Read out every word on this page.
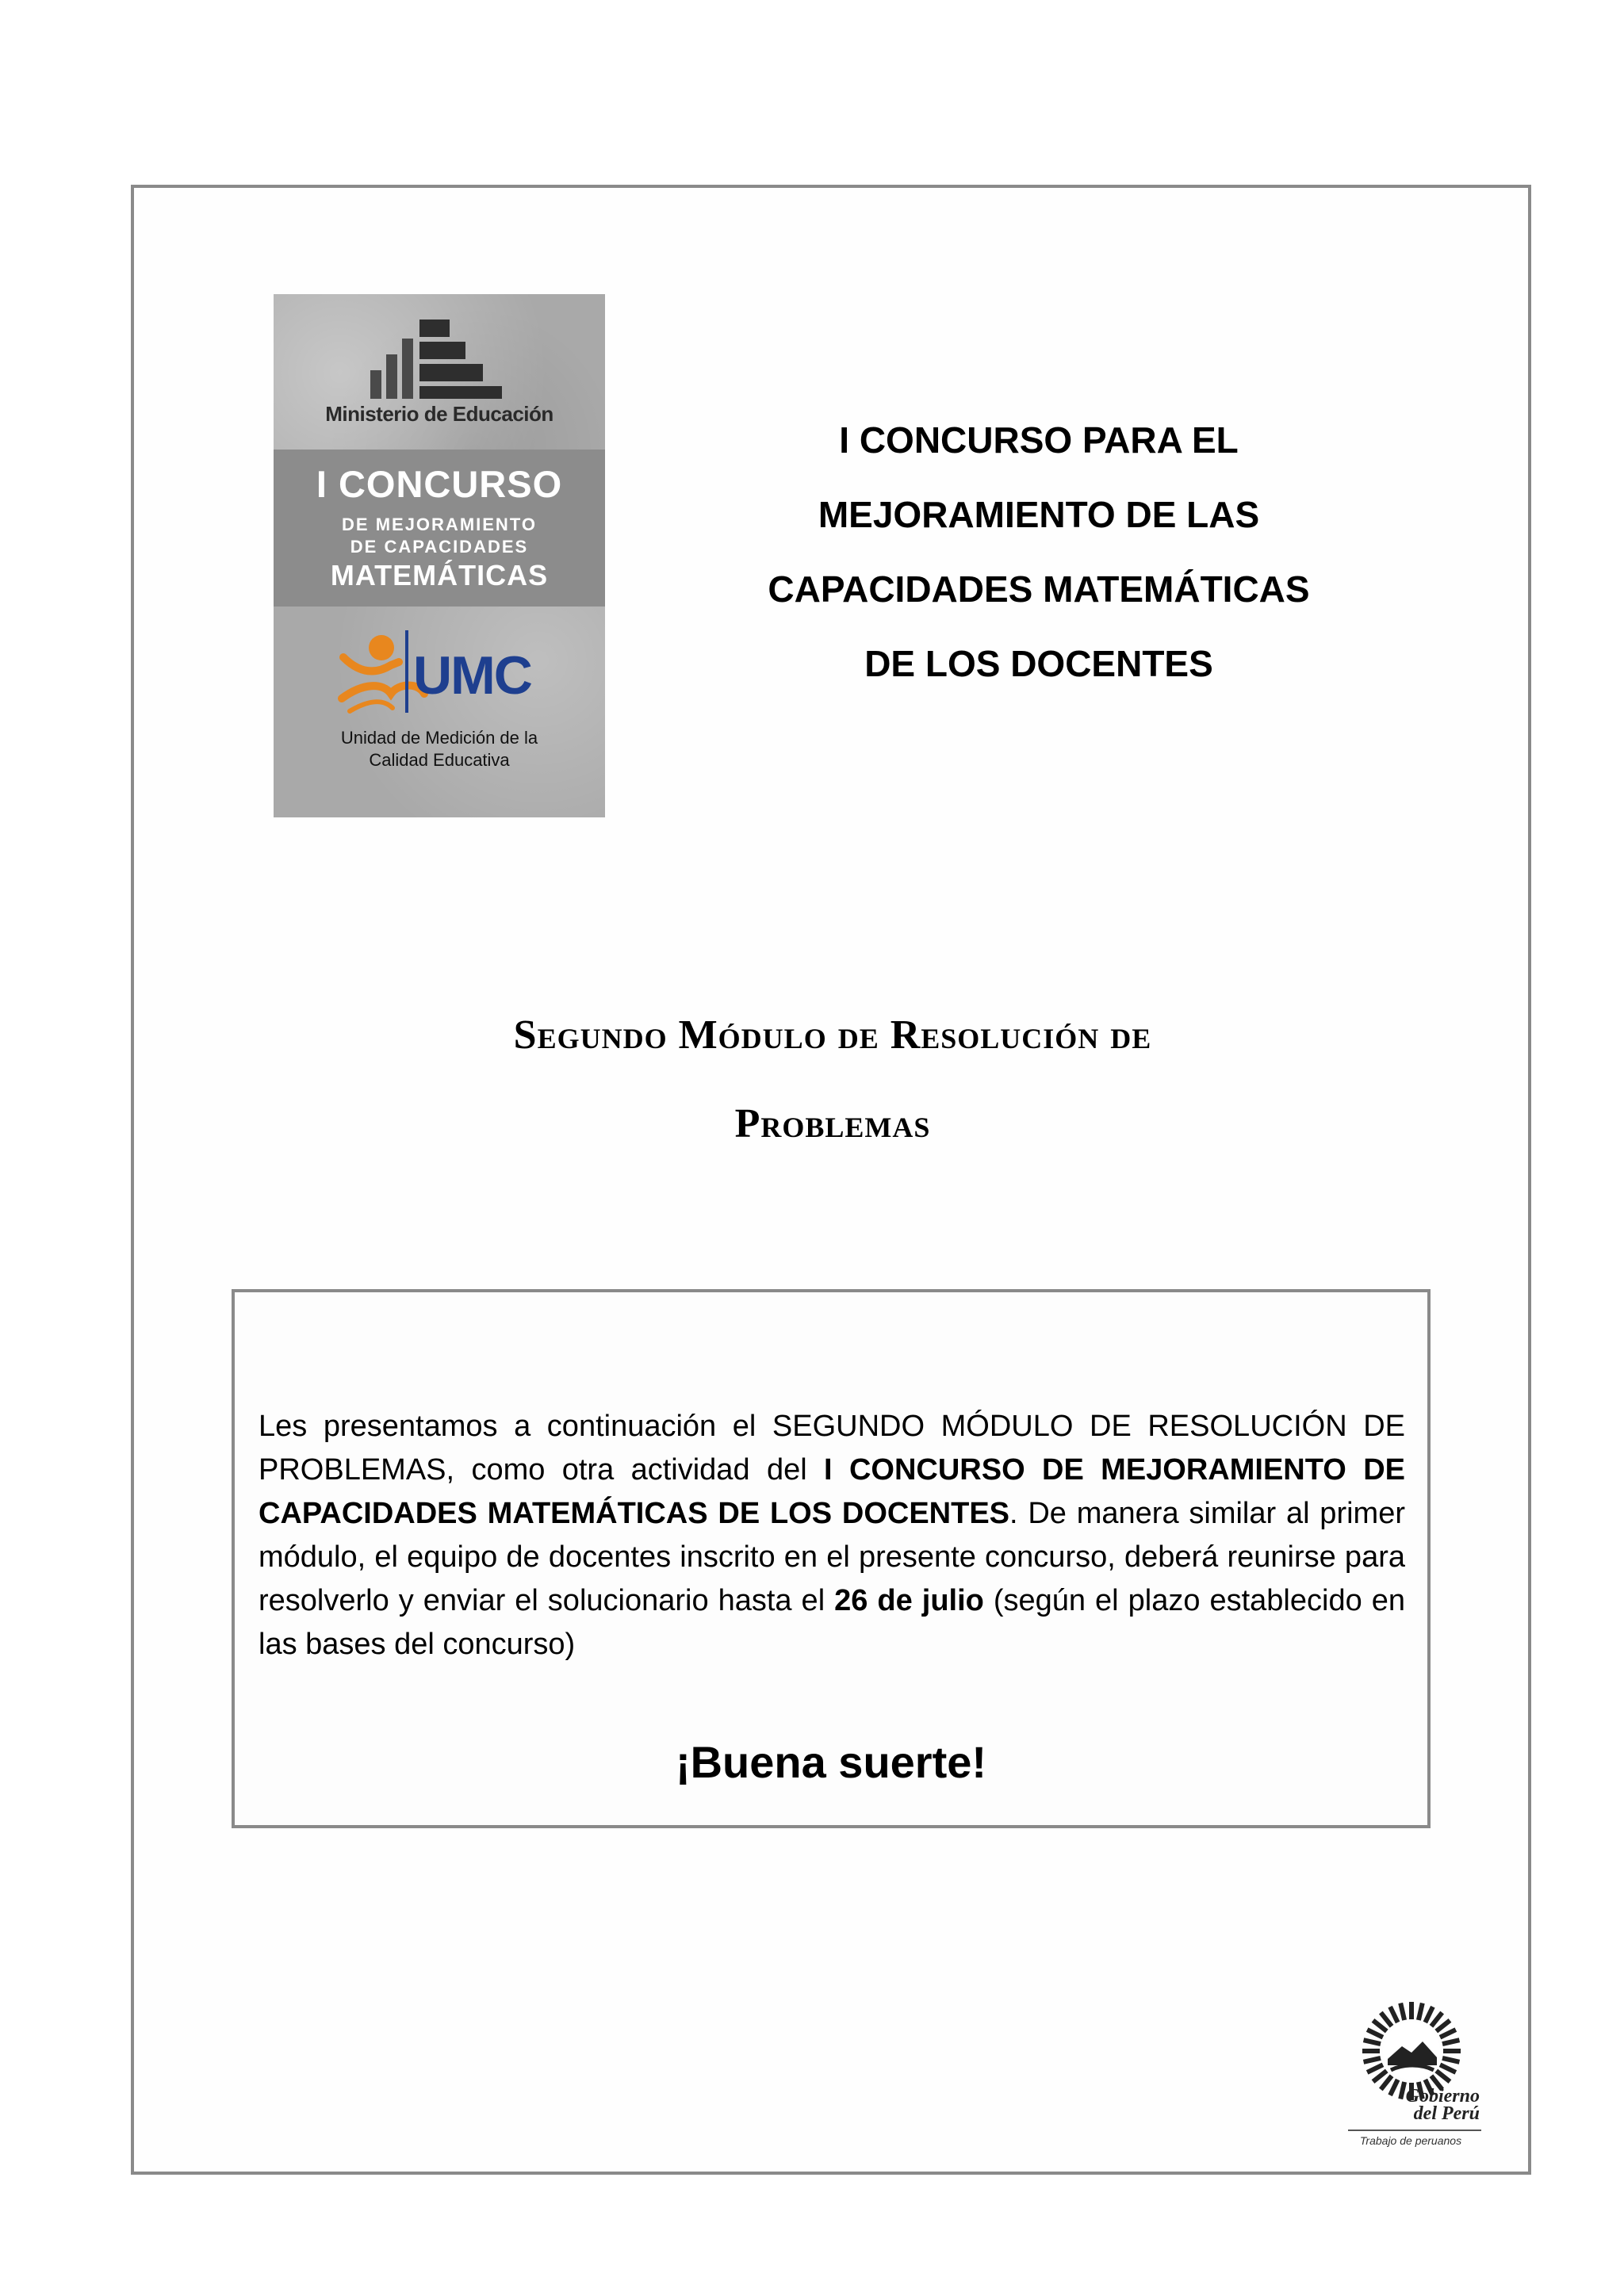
Ministerio de Educación
I CONCURSO
DE MEJORAMIENTO
DE CAPACIDADES
MATEMÁTICAS
UMC
Unidad de Medición de la
Calidad Educativa
I CONCURSO PARA EL
MEJORAMIENTO DE LAS
CAPACIDADES MATEMÁTICAS
DE LOS DOCENTES
Segundo Módulo de Resolución de
Problemas

Les presentamos a continuación el SEGUNDO MÓDULO DE RESOLUCIÓN DE PROBLEMAS, como otra actividad del I CONCURSO DE MEJORAMIENTO DE CAPACIDADES MATEMÁTICAS DE LOS DOCENTES. De manera similar al primer módulo, el equipo de docentes inscrito en el presente concurso, deberá reunirse para resolverlo y enviar el solucionario hasta el 26 de julio (según el plazo establecido en las bases del concurso)

¡Buena suerte!
Gobierno
del Perú
Trabajo de peruanos
